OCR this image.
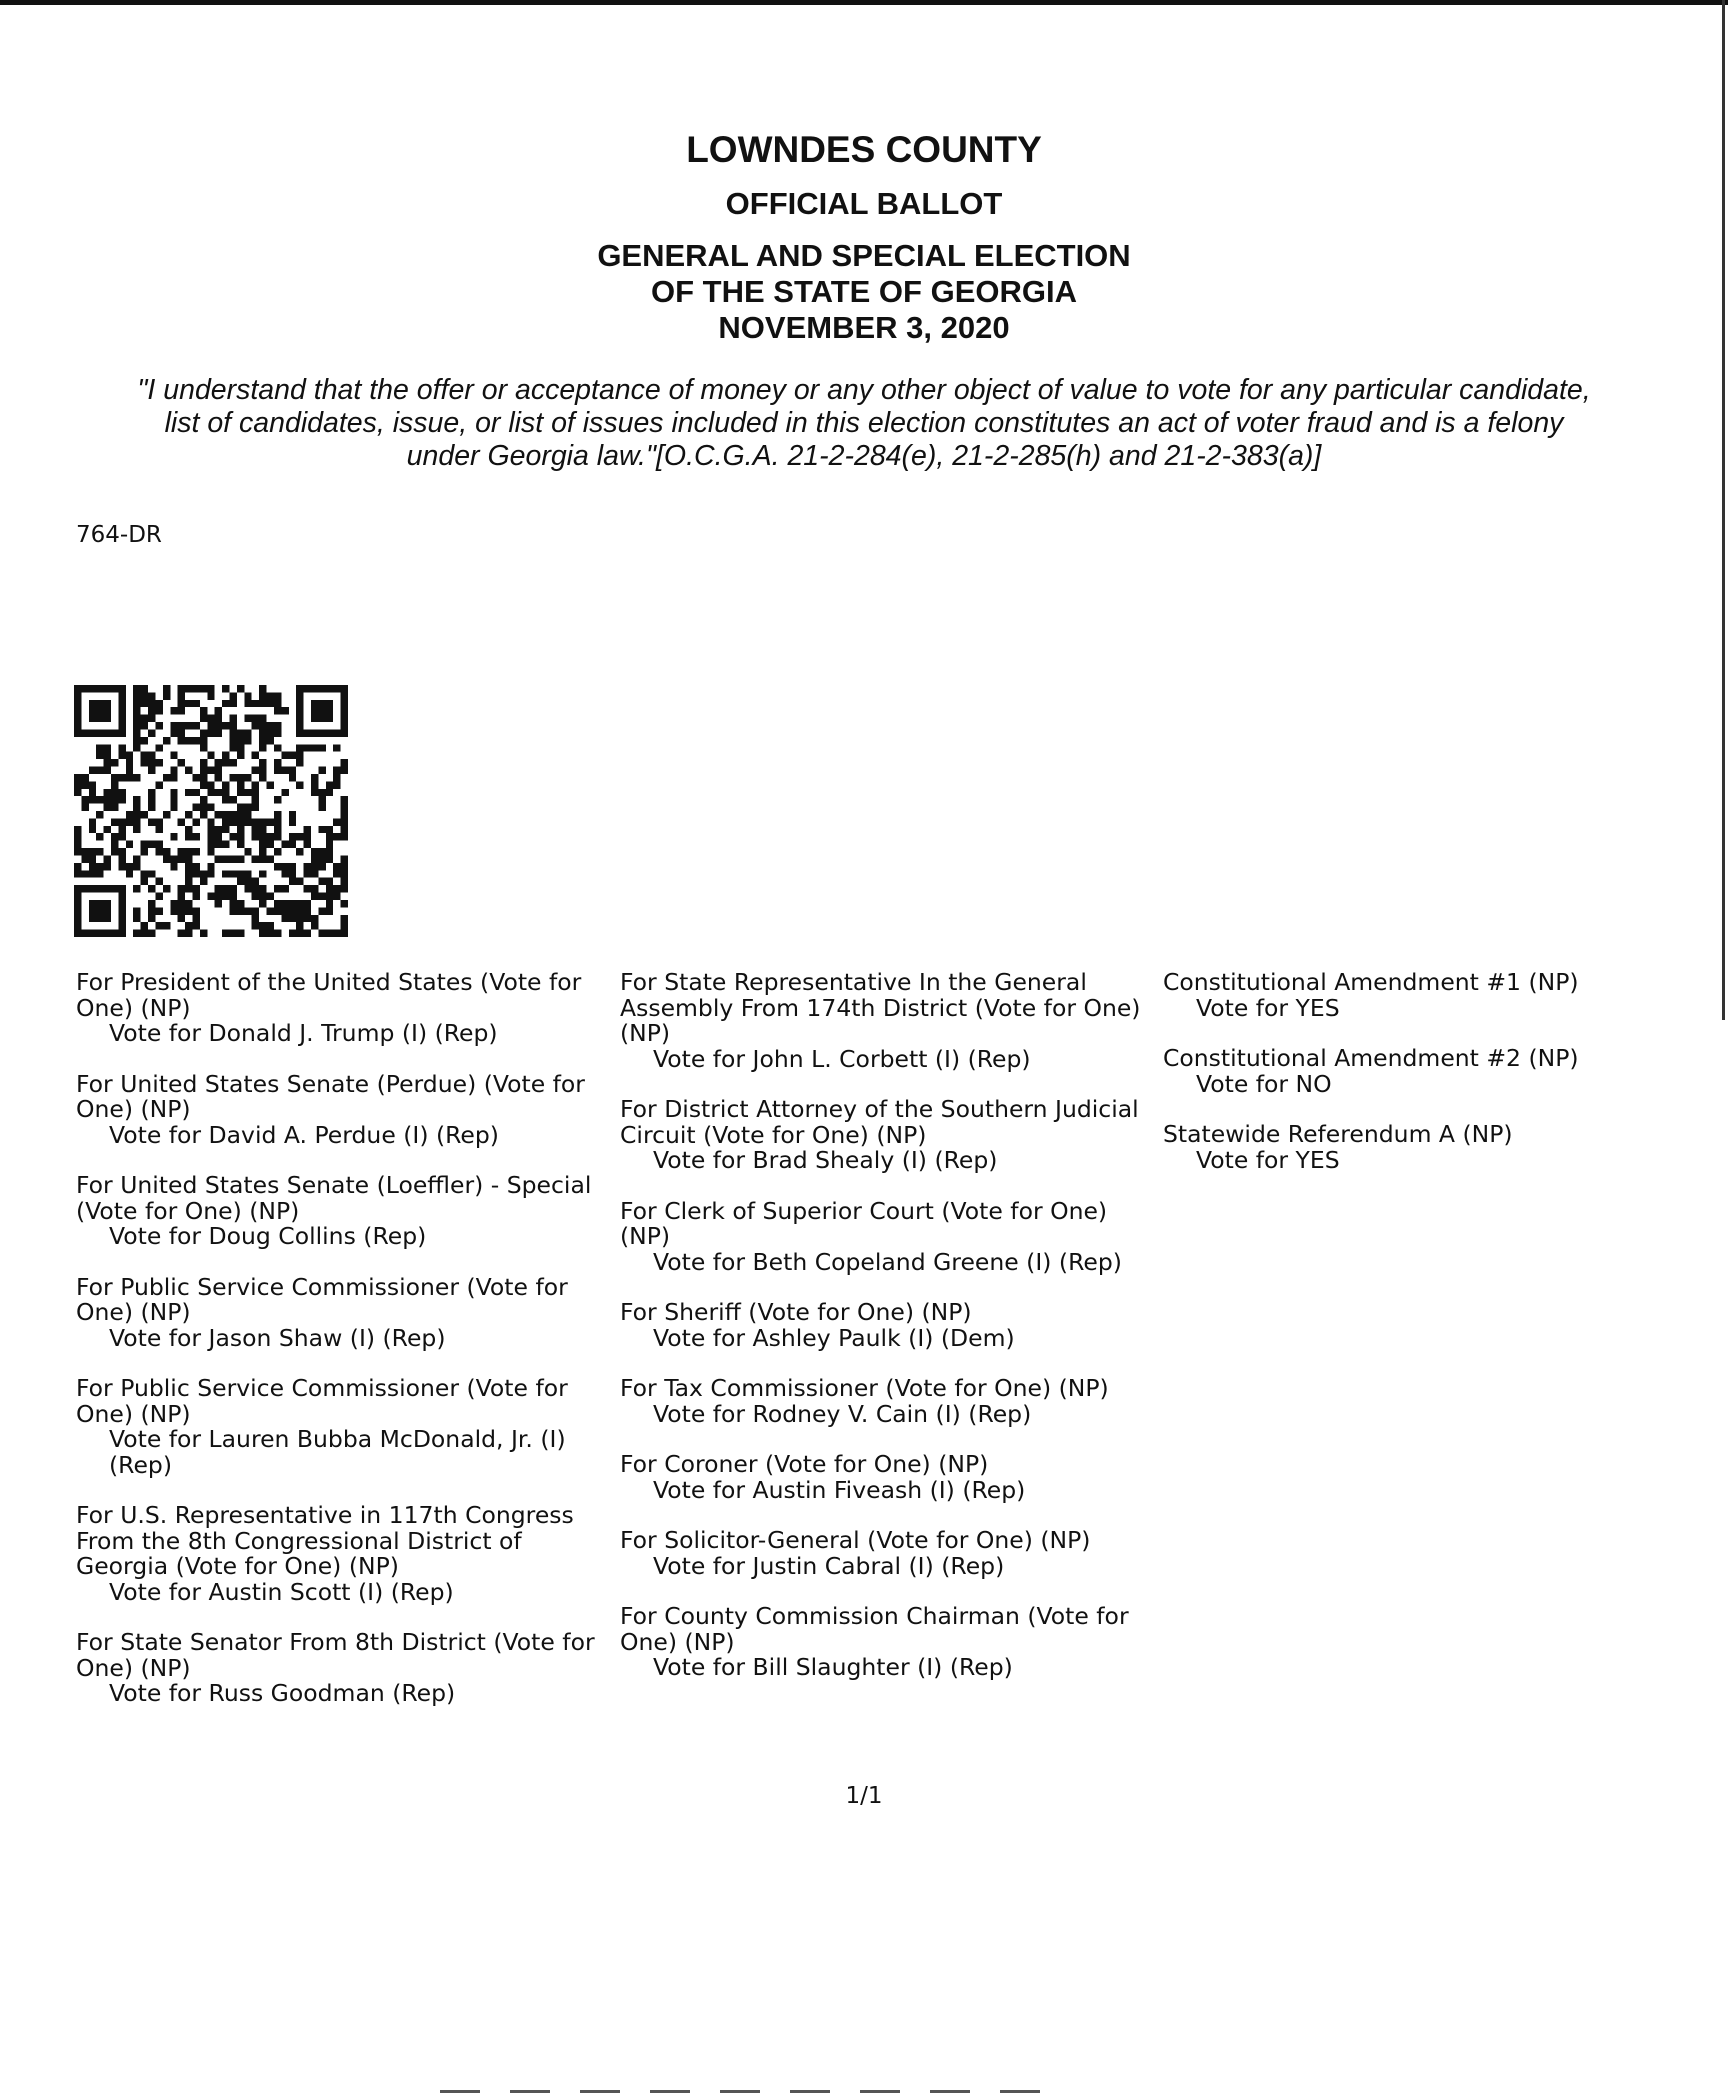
LOWNDES COUNTY
OFFICIAL BALLOT
GENERAL AND SPECIAL ELECTION
OF THE STATE OF GEORGIA
NOVEMBER 3, 2020
"I understand that the offer or acceptance of money or any other object of value to vote for any particular candidate,
list of candidates, issue, or list of issues included in this election constitutes an act of voter fraud and is a felony
under Georgia law."[O.C.G.A. 21-2-284(e), 21-2-285(h) and 21-2-383(a)]
764-DR
For President of the United States (Vote for One) (NP)
Vote for Donald J. Trump (I) (Rep)
For United States Senate (Perdue) (Vote for One) (NP)
Vote for David A. Perdue (I) (Rep)
For United States Senate (Loeffler) - Special (Vote for One) (NP)
Vote for Doug Collins (Rep)
For Public Service Commissioner (Vote for One) (NP)
Vote for Jason Shaw (I) (Rep)
For Public Service Commissioner (Vote for One) (NP)
Vote for Lauren Bubba McDonald, Jr. (I) (Rep)
For U.S. Representative in 117th Congress From the 8th Congressional District of Georgia (Vote for One) (NP)
Vote for Austin Scott (I) (Rep)
For State Senator From 8th District (Vote for One) (NP)
Vote for Russ Goodman (Rep)
For State Representative In the General Assembly From 174th District (Vote for One) (NP)
Vote for John L. Corbett (I) (Rep)
For District Attorney of the Southern Judicial Circuit (Vote for One) (NP)
Vote for Brad Shealy (I) (Rep)
For Clerk of Superior Court (Vote for One) (NP)
Vote for Beth Copeland Greene (I) (Rep)
For Sheriff (Vote for One) (NP)
Vote for Ashley Paulk (I) (Dem)
For Tax Commissioner (Vote for One) (NP)
Vote for Rodney V. Cain (I) (Rep)
For Coroner (Vote for One) (NP)
Vote for Austin Fiveash (I) (Rep)
For Solicitor-General (Vote for One) (NP)
Vote for Justin Cabral (I) (Rep)
For County Commission Chairman (Vote for One) (NP)
Vote for Bill Slaughter (I) (Rep)
Constitutional Amendment #1 (NP)
Vote for YES
Constitutional Amendment #2 (NP)
Vote for NO
Statewide Referendum A (NP)
Vote for YES
1/1
